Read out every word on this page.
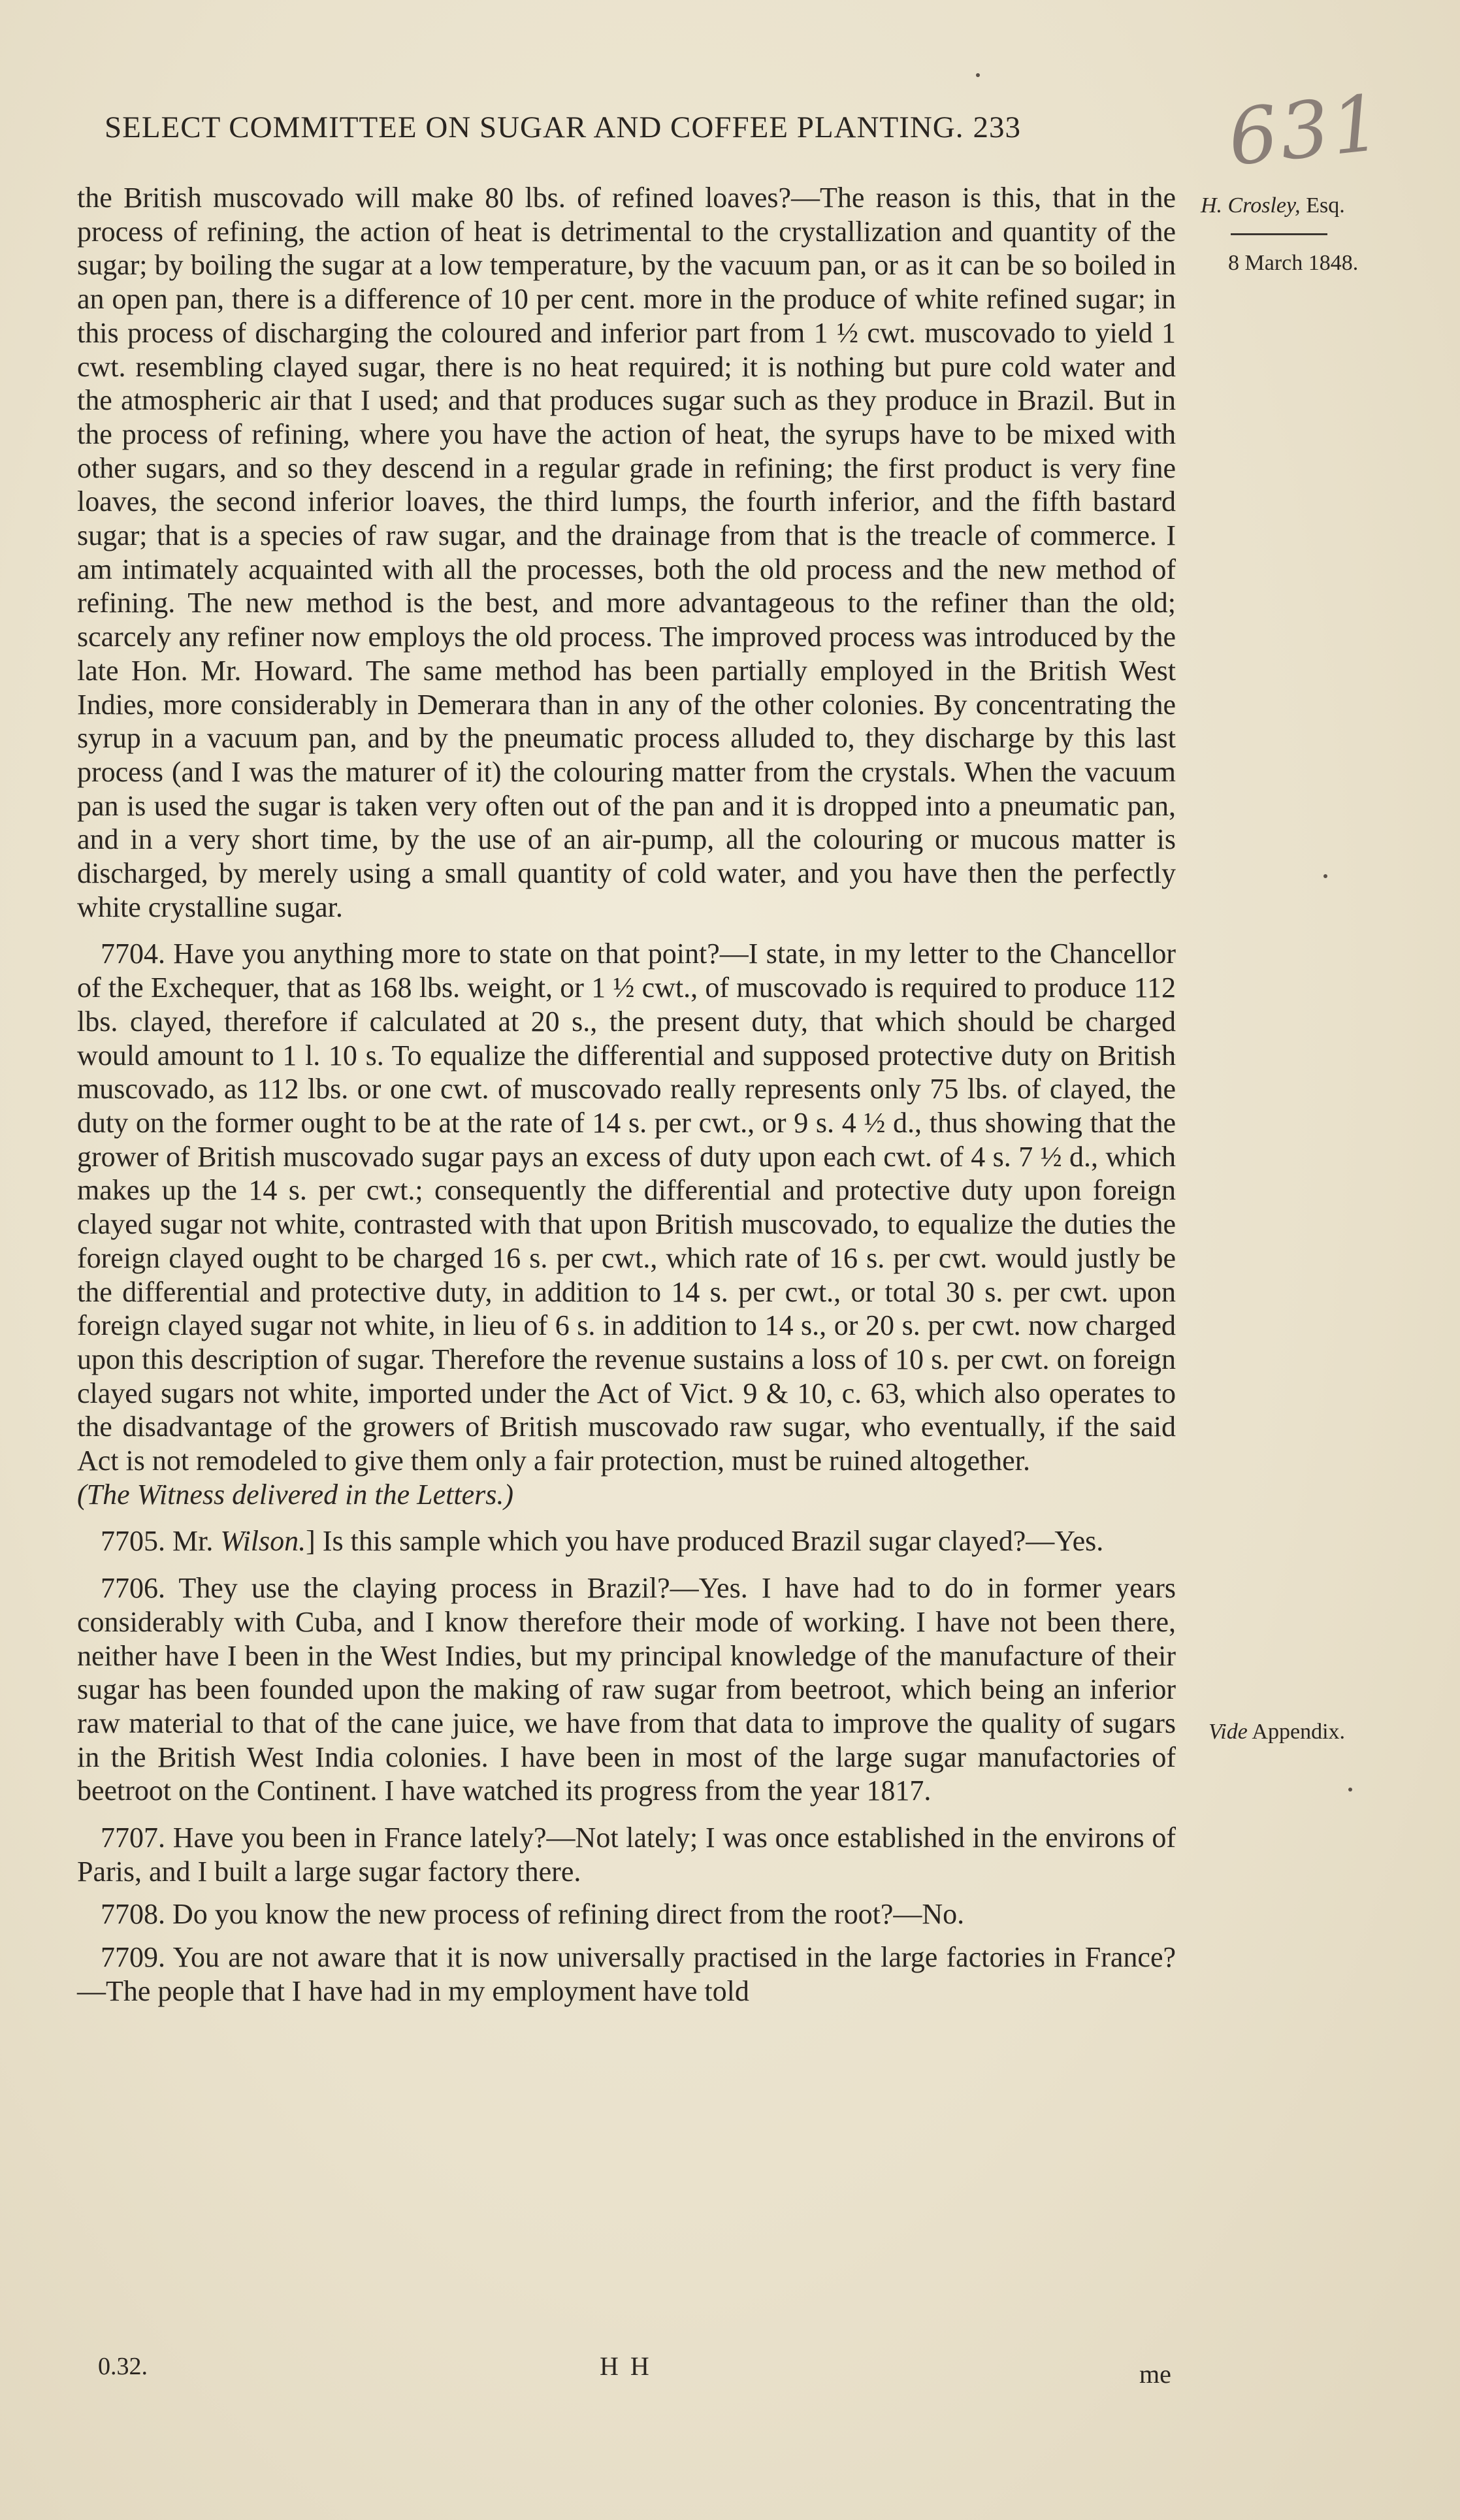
631
SELECT COMMITTEE ON SUGAR AND COFFEE PLANTING. 233
H. Crosley, Esq.
8 March 1848.
Vide Appendix.

the British muscovado will make 80 lbs. of refined loaves?—The reason is this, that in the process of refining, the action of heat is detrimental to the crystallization and quantity of the sugar; by boiling the sugar at a low temperature, by the vacuum pan, or as it can be so boiled in an open pan, there is a difference of 10 per cent. more in the produce of white refined sugar; in this process of discharging the coloured and inferior part from 1 ½ cwt. muscovado to yield 1 cwt. resembling clayed sugar, there is no heat required; it is nothing but pure cold water and the atmospheric air that I used; and that produces sugar such as they produce in Brazil. But in the process of refining, where you have the action of heat, the syrups have to be mixed with other sugars, and so they descend in a regular grade in refining; the first product is very fine loaves, the second inferior loaves, the third lumps, the fourth inferior, and the fifth bastard sugar; that is a species of raw sugar, and the drainage from that is the treacle of commerce. I am intimately acquainted with all the processes, both the old process and the new method of refining. The new method is the best, and more advantageous to the refiner than the old; scarcely any refiner now employs the old process. The improved process was introduced by the late Hon. Mr. Howard. The same method has been partially employed in the British West Indies, more considerably in Demerara than in any of the other colonies. By concentrating the syrup in a vacuum pan, and by the pneumatic process alluded to, they discharge by this last process (and I was the maturer of it) the colouring matter from the crystals. When the vacuum pan is used the sugar is taken very often out of the pan and it is dropped into a pneumatic pan, and in a very short time, by the use of an air-pump, all the colouring or mucous matter is discharged, by merely using a small quantity of cold water, and you have then the perfectly white crystalline sugar.

7704. Have you anything more to state on that point?—I state, in my letter to the Chancellor of the Exchequer, that as 168 lbs. weight, or 1 ½ cwt., of muscovado is required to produce 112 lbs. clayed, therefore if calculated at 20 s., the present duty, that which should be charged would amount to 1 l. 10 s. To equalize the differential and supposed protective duty on British muscovado, as 112 lbs. or one cwt. of muscovado really represents only 75 lbs. of clayed, the duty on the former ought to be at the rate of 14 s. per cwt., or 9 s. 4 ½ d., thus showing that the grower of British muscovado sugar pays an excess of duty upon each cwt. of 4 s. 7 ½ d., which makes up the 14 s. per cwt.; consequently the differential and protective duty upon foreign clayed sugar not white, contrasted with that upon British muscovado, to equalize the duties the foreign clayed ought to be charged 16 s. per cwt., which rate of 16 s. per cwt. would justly be the differential and protective duty, in addition to 14 s. per cwt., or total 30 s. per cwt. upon foreign clayed sugar not white, in lieu of 6 s. in addition to 14 s., or 20 s. per cwt. now charged upon this description of sugar. Therefore the revenue sustains a loss of 10 s. per cwt. on foreign clayed sugars not white, imported under the Act of Vict. 9 & 10, c. 63, which also operates to the disadvantage of the growers of British muscovado raw sugar, who eventually, if the said Act is not remodeled to give them only a fair protection, must be ruined altogether.

(The Witness delivered in the Letters.)

7705. Mr. Wilson.] Is this sample which you have produced Brazil sugar clayed?—Yes.

7706. They use the claying process in Brazil?—Yes. I have had to do in former years considerably with Cuba, and I know therefore their mode of working. I have not been there, neither have I been in the West Indies, but my principal knowledge of the manufacture of their sugar has been founded upon the making of raw sugar from beetroot, which being an inferior raw material to that of the cane juice, we have from that data to improve the quality of sugars in the British West India colonies. I have been in most of the large sugar manufactories of beetroot on the Continent. I have watched its progress from the year 1817.

7707. Have you been in France lately?—Not lately; I was once established in the environs of Paris, and I built a large sugar factory there.

7708. Do you know the new process of refining direct from the root?—No.

7709. You are not aware that it is now universally practised in the large factories in France?—The people that I have had in my employment have told

0.32.	H H	me
